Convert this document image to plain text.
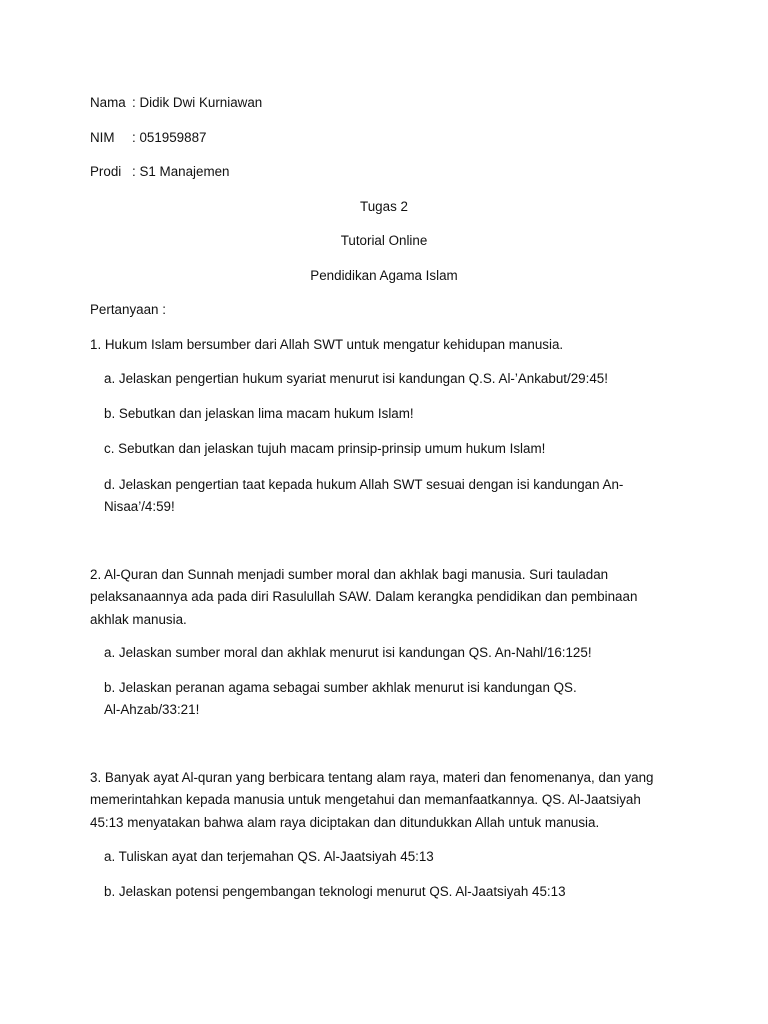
Nama : Didik Dwi Kurniawan
NIM : 051959887
Prodi : S1 Manajemen
Tugas 2
Tutorial Online
Pendidikan Agama Islam
Pertanyaan :
1. Hukum Islam bersumber dari Allah SWT untuk mengatur kehidupan manusia.
a. Jelaskan pengertian hukum syariat menurut isi kandungan Q.S. Al-’Ankabut/29:45!
b. Sebutkan dan jelaskan lima macam hukum Islam!
c. Sebutkan dan jelaskan tujuh macam prinsip-prinsip umum hukum Islam!
d. Jelaskan pengertian taat kepada hukum Allah SWT sesuai dengan isi kandungan An-Nisaa’/4:59!
2. Al-Quran dan Sunnah menjadi sumber moral dan akhlak bagi manusia. Suri tauladan pelaksanaannya ada pada diri Rasulullah SAW. Dalam kerangka pendidikan dan pembinaan akhlak manusia.
a. Jelaskan sumber moral dan akhlak menurut isi kandungan QS. An-Nahl/16:125!
b. Jelaskan peranan agama sebagai sumber akhlak menurut isi kandungan QS. Al-Ahzab/33:21!
3. Banyak ayat Al-quran yang berbicara tentang alam raya, materi dan fenomenanya, dan yang memerintahkan kepada manusia untuk mengetahui dan memanfaatkannya. QS. Al-Jaatsiyah 45:13 menyatakan bahwa alam raya diciptakan dan ditundukkan Allah untuk manusia.
a. Tuliskan ayat dan terjemahan QS. Al-Jaatsiyah 45:13
b. Jelaskan potensi pengembangan teknologi menurut QS. Al-Jaatsiyah 45:13
